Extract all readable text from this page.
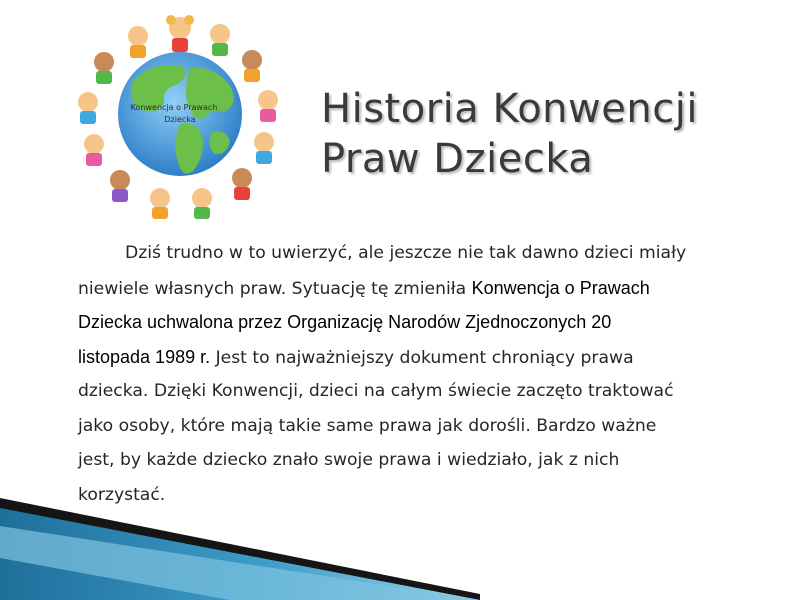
Konwencja o Prawach
Dziecka	Historia Konwencji
Praw Dziecka
Dziś trudno w to uwierzyć, ale jeszcze nie tak dawno dzieci miały
niewiele własnych praw. Sytuację tę zmieniła Konwencja o Prawach
Dziecka uchwalona przez Organizację Narodów Zjednoczonych 20
listopada 1989 r. Jest to najważniejszy dokument chroniący prawa
dziecka. Dzięki Konwencji, dzieci na całym świecie zaczęto traktować
jako osoby, które mają takie same prawa jak dorośli. Bardzo ważne
jest, by każde dziecko znało swoje prawa i wiedziało, jak z nich
korzystać.
